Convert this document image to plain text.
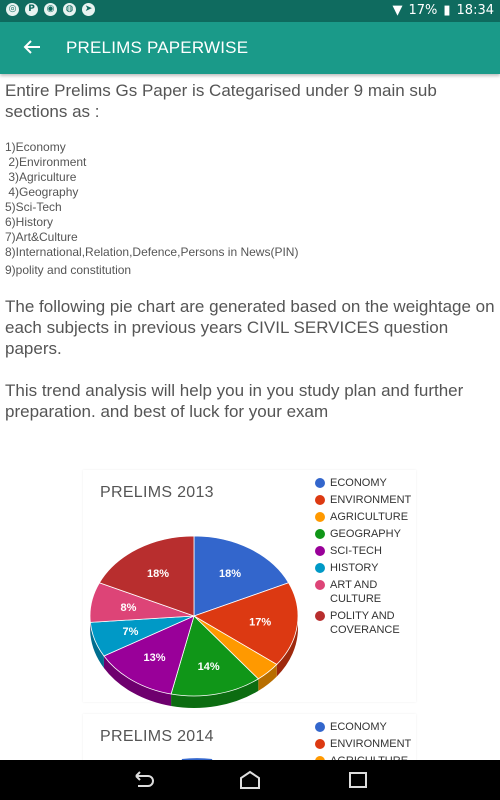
◎	P	◉ ◍	➤	▼ 17% ▮ 18:34
PRELIMS PAPERWISE
Entire Prelims Gs Paper is Categarised under 9 main sub sections as :
1)Economy
2)Environment
3)Agriculture
4)Geography
5)Sci-Tech
6)History
7)Art&Culture
8)International,Relation,Defence,Persons in News(PIN)
9)polity and constitution
The following pie chart are generated based on the weightage on each subjects in previous years CIVIL SERVICES question papers.
This trend analysis will help you in you study plan and further preparation. and best of luck for your exam
PRELIMS 2013
18%
17%
14%
13%
7%
8%
18%
ECONOMY
ENVIRONMENT
AGRICULTURE
GEOGRAPHY
SCI-TECH
HISTORY
ART AND CULTURE
POLITY AND COVERANCE
PRELIMS 2014
ECONOMY
ENVIRONMENT
